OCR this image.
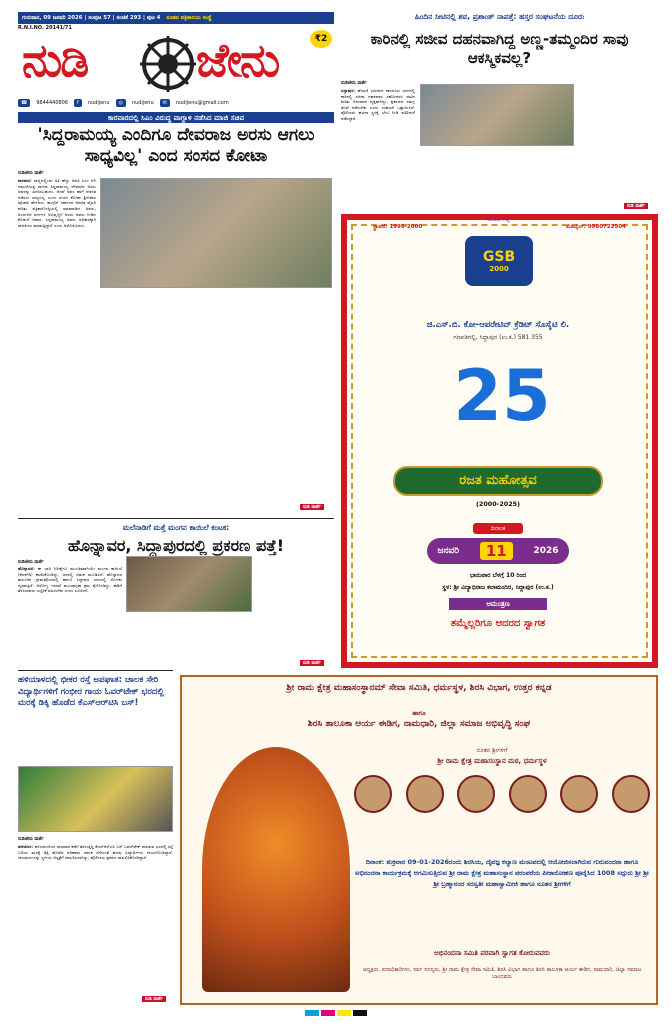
ಗುರುವಾರ, 09 ಜನವರಿ 2026 | ಸಂಪುಟ 57 | ಸಂಚಿಕೆ 293 | ಪುಟ 4 ನೂತನ ಪತ್ರಿಕಾಲಯ ಸಂಸ್ಥೆ
R.N.I.NO. 20141/71
ನುಡಿ ಜೇನು	₹2
☎	9844440806	f	nudijenu	◎	nudijenu	✉	nudijenu@gmail.com
ಕಾರವಾರದಲ್ಲಿ ಸಿಎಂ ವಿರುದ್ಧ ವಾಗ್ದಾಳಿ ನಡೆಸಿದ ಮಾಜಿ ಸಚಿವ
'ಸಿದ್ದರಾಮಯ್ಯ ಎಂದಿಗೂ ದೇವರಾಜ ಅರಸು ಆಗಲು ಸಾಧ್ಯವಿಲ್ಲ' ಎಂದ ಸಂಸದ ಕೋಟಾ
ನುಡಿಜೇನು ವಾರ್ತೆ
ಕಾರವಾರ: ರಾಜ್ಯದಲ್ಲಿಂದು ಅತಿ ಹೆಚ್ಚು ಅವಧಿ ಸಿಎಂ ಆಗಿ ದಾಖಲೆಯತ್ತ ಸಾಗುವ ಸಿದ್ದರಾಮಯ್ಯ ದೇವರಾಜ ಅರಸು ಅವರನ್ನು ಮೀರಿಸಬಹುದು. ಆದರೆ ಅವರ ಹಾಗೆ ಆಡಳಿತ ನಡೆಸಲು ಸಾಧ್ಯವಿಲ್ಲ ಎಂದು ಸಂಸದ ಕೋಟಾ ಶ್ರೀನಿವಾಸ ಪೂಜಾರಿ ಹೇಳಿದರು. ಕಾಂಗ್ರೆಸ್ ಸರ್ಕಾರದ ಆಡಳಿತ ವೈಖರಿ ಕುರಿತು ಪತ್ರಿಕಾಗೋಷ್ಠಿಯಲ್ಲಿ ಮಾತನಾಡಿದ ಅವರು, ಹಿಂದುಳಿದ ವರ್ಗಗಳ ಅಭಿವೃದ್ಧಿಗೆ ಅರಸು ಅವರು ನೀಡಿದ ಕೊಡುಗೆ ಅಪಾರ. ಸಿದ್ದರಾಮಯ್ಯ ಅವರು ಅಧಿಕಾರಕ್ಕಾಗಿ ರಾಜಕೀಯ ಮಾಡುತ್ತಿದ್ದಾರೆ ಎಂದು ಆರೋಪಿಸಿದರು.
ನುಡಿ ವಾರ್ತೆ
ಹಿಂದಿನ ಸೀಟಿನಲ್ಲಿ ಶವ, ಪ್ರಶಾಂತ್ ನಾಪತ್ತೆ: ಹಸ್ತರ ಸಂಘಟನೆಯ ದೂರು
ಕಾರಿನಲ್ಲಿ ಸಜೀವ ದಹನವಾಗಿದ್ದ ಅಣ್ಣ-ತಮ್ಮಂದಿರ ಸಾವು ಆಕಸ್ಮಿಕವಲ್ಲ?
ನುಡಿಜೇನು ವಾರ್ತೆ
ಸಿದ್ದಾಪುರ: ಹೆಗ್ಗರಣಿ ಸಮೀಪದ ಕಾನಸೂರು ಭಾಗದಲ್ಲಿ ಕಾರಿನಲ್ಲಿ ಸಜೀವ ದಹನವಾದ ಸಹೋದರರ ಸಾವಿನ ಕುರಿತು ಅನುಮಾನ ವ್ಯಕ್ತವಾಗಿದ್ದು, ಪ್ರಕರಣದ ಸಮಗ್ರ ತನಿಖೆ ನಡೆಸಬೇಕು ಎಂದು ಸಂಘಟನೆ ಒತ್ತಾಯಿಸಿದೆ. ಪೊಲೀಸರು ಘಟನಾ ಸ್ಥಳಕ್ಕೆ ಭೇಟಿ ನೀಡಿ ಪರಿಶೀಲನೆ ನಡೆಸಿದ್ದಾರೆ.
ನುಡಿ ವಾರ್ತೆ
ಸಹಕಾರಂ ಗೆಲ್ಲಿ
ಸ್ಥಾಪನೆ: 1999-2000	ಮೊಬೈಲ್: 9980722504
GSB
2000
ಜಿ.ಎಸ್.ಬಿ. ಕೋ-ಆಪರೇಟಿವ್ ಕ್ರೆಡಿಟ್ ಸೊಸೈಟಿ ಲಿ.
ಗಣಪತಿಗಲ್ಲಿ, ಸಿದ್ದಾಪುರ (ಉ.ಕ.) 581 355
25
ರಜತ ಮಹೋತ್ಸವ
(2000-2025)
ದಿನಾಂಕ
ಜನವರಿ	11	2026
ಭಾನುವಾರ ಬೆಳಗ್ಗೆ 10 ರಿಂದ
ಸ್ಥಳ: ಶ್ರೀ ವಿದ್ಯಾಧಿರಾಜ ಕಲಾಮಂದಿರ, ಸಿದ್ದಾಪುರ (ಉ.ಕ.)
ಆಮಂತ್ರಣ
ತಮ್ಮೆಲ್ಲರಿಗೂ ಆದರದ ಸ್ವಾಗತ
ಮಲೆನಾಡಿಗೆ ಮತ್ತೆ ಮಂಗನ ಕಾಯಿಲೆ ಕಂಟಕ:
ಹೊನ್ನಾವರ, ಸಿದ್ದಾಪುರದಲ್ಲಿ ಪ್ರಕರಣ ಪತ್ತೆ!
ನುಡಿಜೇನು ವಾರ್ತೆ
ಹೊನ್ನಾವರ: ಈ ಬಾರಿ ನಿರೀಕ್ಷೆಗೂ ಮುಂಚಿತವಾಗಿಯೇ ಮಂಗನ ಕಾಯಿಲೆ (ಕೆಎಫ್‌ಡಿ) ಕಾಣಿಸಿಕೊಂಡಿದ್ದು, ಜನರಲ್ಲಿ ಆತಂಕ ಮೂಡಿಸಿದೆ. ಹೊನ್ನಾವರ ತಾಲೂಕಿನ ಗ್ರಾಮವೊಂದರಲ್ಲಿ ಹಾಗೂ ಸಿದ್ದಾಪುರ ಭಾಗದಲ್ಲಿ ಸೋಂಕು ದೃಢಪಟ್ಟಿದೆ. ಆರೋಗ್ಯ ಇಲಾಖೆ ಮುಂಜಾಗ್ರತಾ ಕ್ರಮ ಕೈಗೊಂಡಿದ್ದು, ಕಾಡಿಗೆ ತೆರಳುವವರು ಎಚ್ಚರಿಕೆ ವಹಿಸಬೇಕು ಎಂದು ಸೂಚಿಸಿದೆ.
ನುಡಿ ವಾರ್ತೆ
ಹಳಿಯಾಳದಲ್ಲಿ ಭೀಕರ ರಸ್ತೆ ಅಪಘಾತ: ಚಾಲಕ ಸೇರಿ ವಿದ್ಯಾರ್ಥಿಗಳಿಗೆ ಗಂಭೀರ ಗಾಯ ಓವರ್‌ಟೇಕ್ ಭರದಲ್ಲಿ ಮರಕ್ಕೆ ಡಿಕ್ಕಿ ಹೊಡೆದ ಕೆಎಸ್‌ಆರ್‌ಟಿಸಿ ಬಸ್!
ನುಡಿಜೇನು ವಾರ್ತೆ
ಹಳಿಯಾಳ: ಹಳಿಯಾಳದಿಂದ ಧಾರವಾಡ ಕಡೆಗೆ ತೆರಳುತ್ತಿದ್ದ ಕೆಎಸ್‌ಆರ್‌ಟಿಸಿ ಬಸ್ ಓವರ್‌ಟೇಕ್ ಮಾಡುವ ಭರದಲ್ಲಿ ರಸ್ತೆ ಬದಿಯ ಮರಕ್ಕೆ ಡಿಕ್ಕಿ ಹೊಡೆದ ಪರಿಣಾಮ ಚಾಲಕ ಸೇರಿದಂತೆ ಹಲವು ವಿದ್ಯಾರ್ಥಿಗಳು ಗಾಯಗೊಂಡಿದ್ದಾರೆ. ಗಾಯಾಳುಗಳನ್ನು ಸ್ಥಳೀಯ ಆಸ್ಪತ್ರೆಗೆ ದಾಖಲಿಸಲಾಗಿದ್ದು, ಪೊಲೀಸರು ಪ್ರಕರಣ ದಾಖಲಿಸಿಕೊಂಡಿದ್ದಾರೆ.
ನುಡಿ ವಾರ್ತೆ
ಶ್ರೀ ರಾಮ ಕ್ಷೇತ್ರ ಮಹಾಸಂಸ್ಥಾನಮ್ ಸೇವಾ ಸಮಿತಿ, ಧರ್ಮಸ್ಥಳ, ಶಿರಸಿ ವಿಭಾಗ, ಉತ್ತರ ಕನ್ನಡ
ಹಾಗೂ
ಶಿರಸಿ ತಾಲೂಕಾ ಆರ್ಯ ಈಡಿಗ, ನಾಮಧಾರಿ, ಜಿಲ್ಲಾ ಸಮಾಜ ಅಭಿವೃದ್ಧಿ ಸಂಘ
ನೂತನ ಶ್ರೀಗಳಿಗೆ
ಶ್ರೀ ರಾಮ ಕ್ಷೇತ್ರ ಮಹಾಸಂಸ್ಥಾನ ಮಠ, ಧರ್ಮಸ್ಥಳ
ದಿನಾಂಕ: ಶುಕ್ರವಾರ 09-01-2026ರಂದು ಶಿರಸಿಯ, ದೈವಜ್ಞ ಕಲ್ಯಾಣ ಮಂಟಪದಲ್ಲಿ ಆಯೋಜಿಸಲಾಗಿರುವ ಗುರುವಂದನಾ ಹಾಗೂ ಅಭಿನಂದನಾ ಕಾರ್ಯಕ್ರಮಕ್ಕೆ ಆಗಮಿಸುತ್ತಿರುವ ಶ್ರೀ ರಾಮ ಕ್ಷೇತ್ರ ಮಹಾಸಂಸ್ಥಾನ ಪರಂಪರೆಯ ಪೀಠಾರೋಹಣ ಪೂರೈಸಿದ 1008 ಸದ್ಗುರು ಶ್ರೀ ಶ್ರೀ ಶ್ರೀ ಬ್ರಹ್ಮಾನಂದ ಸರಸ್ವತೀ ಮಹಾಸ್ವಾಮೀಜಿ ಹಾಗೂ ನೂತನ ಶ್ರೀಗಳಿಗೆ
ಅಭಿನಂದನಾ ಸಮಿತಿ ಪರವಾಗಿ ಸ್ವಾಗತ ಕೋರುವವರು
ಅಧ್ಯಕ್ಷರು, ಪದಾಧಿಕಾರಿಗಳು, ಸರ್ವ ಸದಸ್ಯರು, ಶ್ರೀ ರಾಮ ಕ್ಷೇತ್ರ ಸೇವಾ ಸಮಿತಿ, ಶಿರಸಿ ವಿಭಾಗ ಹಾಗೂ ಶಿರಸಿ ತಾಲೂಕಾ ಆರ್ಯ ಈಡಿಗ, ನಾಮಧಾರಿ, ಜಿಲ್ಲಾ ಸಮಾಜ ಬಾಂಧವರು
